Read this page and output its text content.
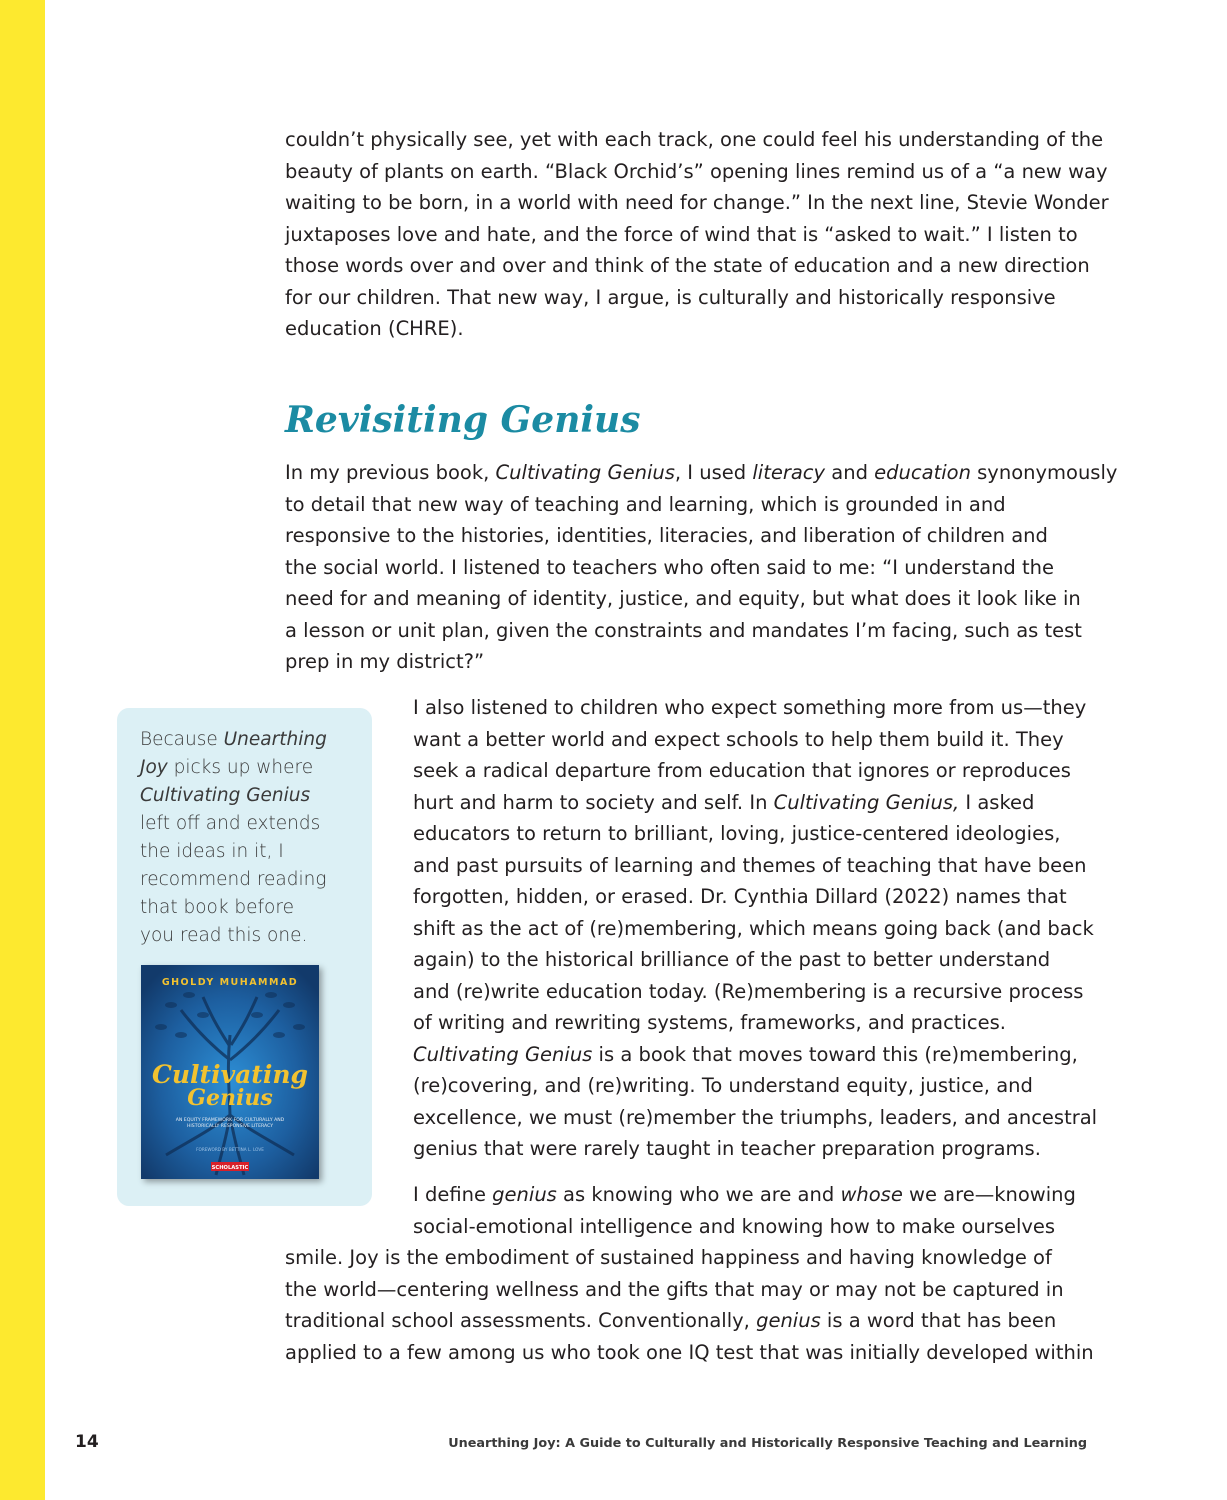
couldn’t physically see, yet with each track, one could feel his understanding of the
beauty of plants on earth. “Black Orchid’s” opening lines remind us of a “a new way
waiting to be born, in a world with need for change.” In the next line, Stevie Wonder
juxtaposes love and hate, and the force of wind that is “asked to wait.” I listen to
those words over and over and think of the state of education and a new direction
for our children. That new way, I argue, is culturally and historically responsive
education (CHRE).
Revisiting Genius
In my previous book, Cultivating Genius, I used literacy and education synonymously
to detail that new way of teaching and learning, which is grounded in and
responsive to the histories, identities, literacies, and liberation of children and
the social world. I listened to teachers who often said to me: “I understand the
need for and meaning of identity, justice, and equity, but what does it look like in
a lesson or unit plan, given the constraints and mandates I’m facing, such as test
prep in my district?”
Because Unearthing
Joy picks up where
Cultivating Genius
left off and extends
the ideas in it, I
recommend reading
that book before
you read this one.
GHOLDY MUHAMMAD
Cultivating
Genius
AN EQUITY FRAMEWORK FOR CULTURALLY AND
HISTORICALLY RESPONSIVE LITERACY
FOREWORD BY BETTINA L. LOVE
SCHOLASTIC
I also listened to children who expect something more from us—they
want a better world and expect schools to help them build it. They
seek a radical departure from education that ignores or reproduces
hurt and harm to society and self. In Cultivating Genius, I asked
educators to return to brilliant, loving, justice-centered ideologies,
and past pursuits of learning and themes of teaching that have been
forgotten, hidden, or erased. Dr. Cynthia Dillard (2022) names that
shift as the act of (re)membering, which means going back (and back
again) to the historical brilliance of the past to better understand
and (re)write education today. (Re)membering is a recursive process
of writing and rewriting systems, frameworks, and practices.
Cultivating Genius is a book that moves toward this (re)membering,
(re)covering, and (re)writing. To understand equity, justice, and
excellence, we must (re)member the triumphs, leaders, and ancestral
genius that were rarely taught in teacher preparation programs.
I define genius as knowing who we are and whose we are—knowing
social-emotional intelligence and knowing how to make ourselves
smile. Joy is the embodiment of sustained happiness and having knowledge of
the world—centering wellness and the gifts that may or may not be captured in
traditional school assessments. Conventionally, genius is a word that has been
applied to a few among us who took one IQ test that was initially developed within
14	Unearthing Joy: A Guide to Culturally and Historically Responsive Teaching and Learning
